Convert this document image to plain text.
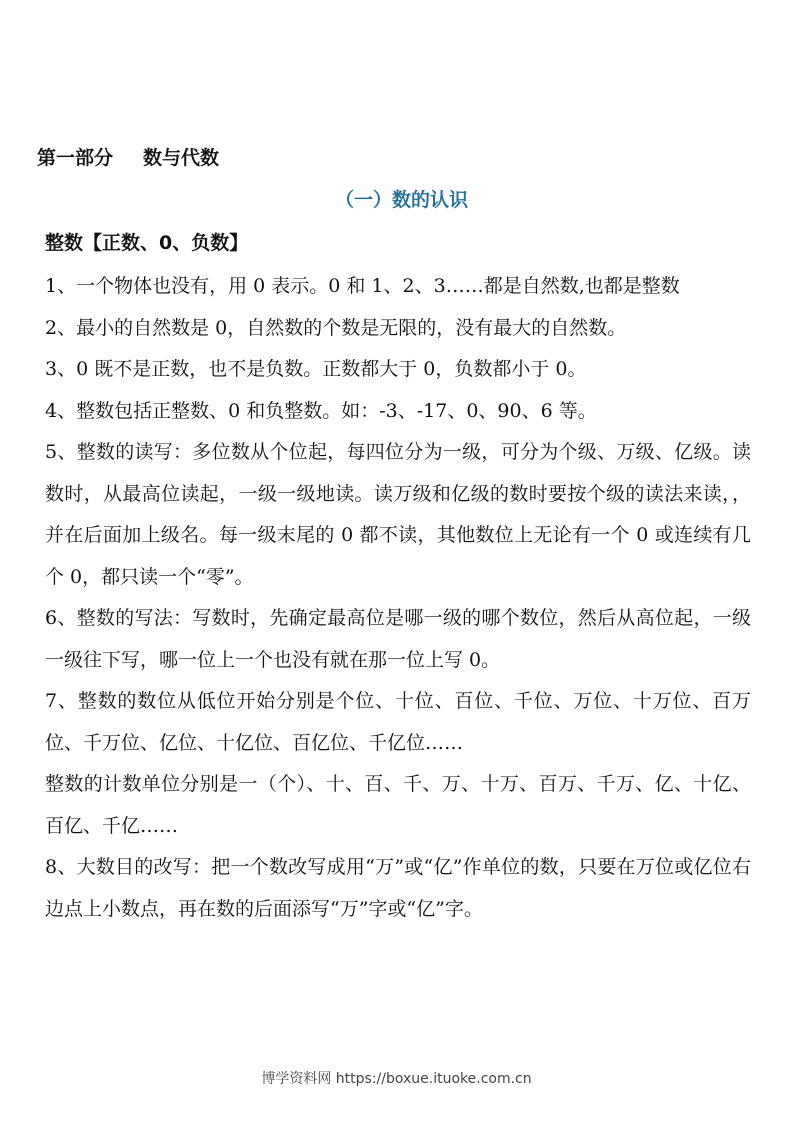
第一部分 数与代数
（一）数的认识
整数【正数、0、负数】

1、一个物体也没有，用 0 表示。0 和 1、2、3……都是自然数,也都是整数

2、最小的自然数是 0，自然数的个数是无限的，没有最大的自然数。

3、0 既不是正数，也不是负数。正数都大于 0，负数都小于 0。

4、整数包括正整数、0 和负整数。如：-3、-17、0、90、6 等。

5、整数的读写：多位数从个位起，每四位分为一级，可分为个级、万级、亿级。读数时，从最高位读起，一级一级地读。读万级和亿级的数时要按个级的读法来读，，并在后面加上级名。每一级末尾的 0 都不读，其他数位上无论有一个 0 或连续有几个 0，都只读一个“零”。

6、整数的写法：写数时，先确定最高位是哪一级的哪个数位，然后从高位起，一级一级往下写，哪一位上一个也没有就在那一位上写 0。

7、整数的数位从低位开始分别是个位、十位、百位、千位、万位、十万位、百万位、千万位、亿位、十亿位、百亿位、千亿位……

整数的计数单位分别是一（个）、十、百、千、万、十万、百万、千万、亿、十亿、百亿、千亿……

8、大数目的改写：把一个数改写成用“万”或“亿”作单位的数，只要在万位或亿位右边点上小数点，再在数的后面添写“万”字或“亿”字。

博学资料网 https://boxue.ituoke.com.cn
